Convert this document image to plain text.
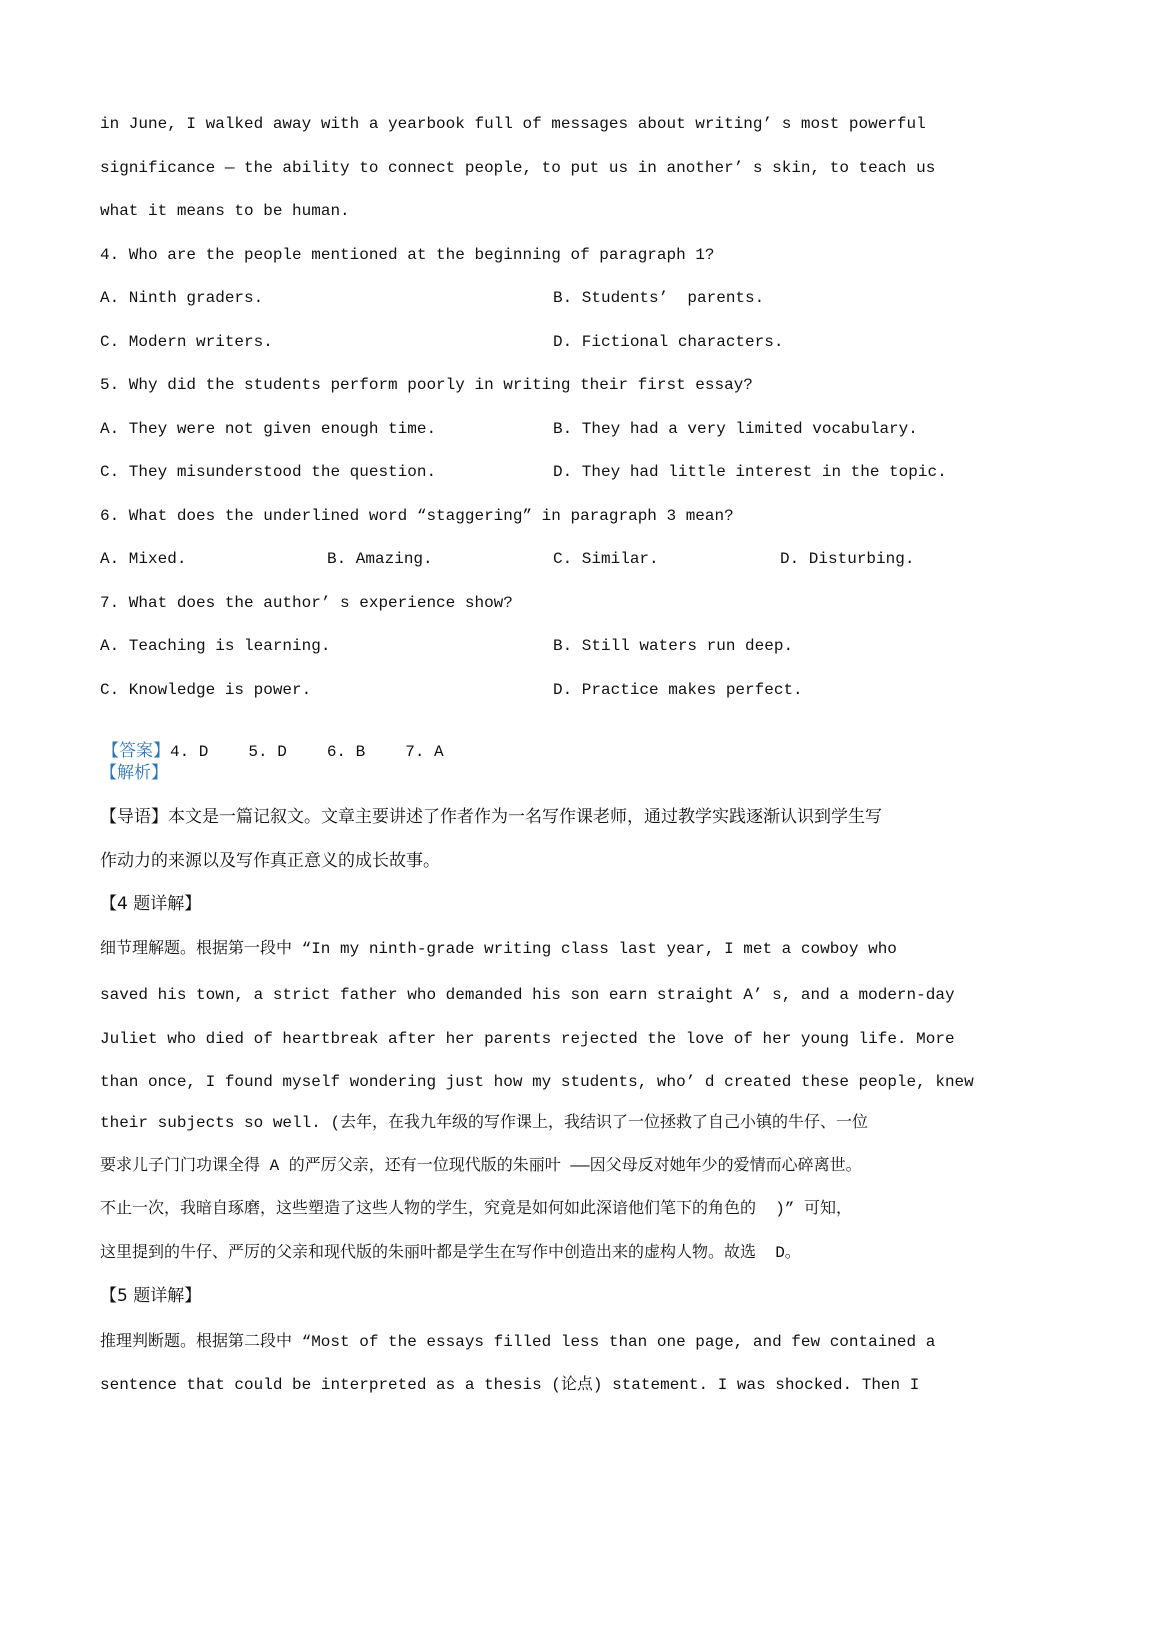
in June, I walked away with a yearbook full of messages about writing’ s most powerful
significance — the ability to connect people, to put us in another’ s skin, to teach us
what it means to be human.
4. Who are the people mentioned at the beginning of paragraph 1?
A. Ninth graders.	B. Students’  parents.
C. Modern writers.	D. Fictional characters.
5. Why did the students perform poorly in writing their first essay?
A. They were not given enough time.	B. They had a very limited vocabulary.
C. They misunderstood the question.	D. They had little interest in the topic.
6. What does the underlined word “staggering” in paragraph 3 mean?
A. Mixed.	B. Amazing.	C. Similar.	D. Disturbing.
7. What does the author’ s experience show?
A. Teaching is learning.	B. Still waters run deep.
C. Knowledge is power.	D. Practice makes perfect.

【答案】4. D	5. D	6. B	7. A

【解析】
【导语】本文是一篇记叙文。文章主要讲述了作者作为一名写作课老师，通过教学实践逐渐认识到学生写
作动力的来源以及写作真正意义的成长故事。
【4 题详解】
细节理解题。根据第一段中 “In my ninth-grade writing class last year, I met a cowboy who
saved his town, a strict father who demanded his son earn straight A’ s, and a modern-day
Juliet who died of heartbreak after her parents rejected the love of her young life. More
than once, I found myself wondering just how my students, who’ d created these people, knew
their subjects so well. (去年，在我九年级的写作课上，我结识了一位拯救了自己小镇的牛仔、一位
要求儿子门门功课全得 A 的严厉父亲，还有一位现代版的朱丽叶 ——因父母反对她年少的爱情而心碎离世。
不止一次，我暗自琢磨，这些塑造了这些人物的学生，究竟是如何如此深谙他们笔下的角色的  )” 可知，
这里提到的牛仔、严厉的父亲和现代版的朱丽叶都是学生在写作中创造出来的虚构人物。故选  D。
【5 题详解】
推理判断题。根据第二段中 “Most of the essays filled less than one page, and few contained a
sentence that could be interpreted as a thesis (论点) statement. I was shocked. Then I
